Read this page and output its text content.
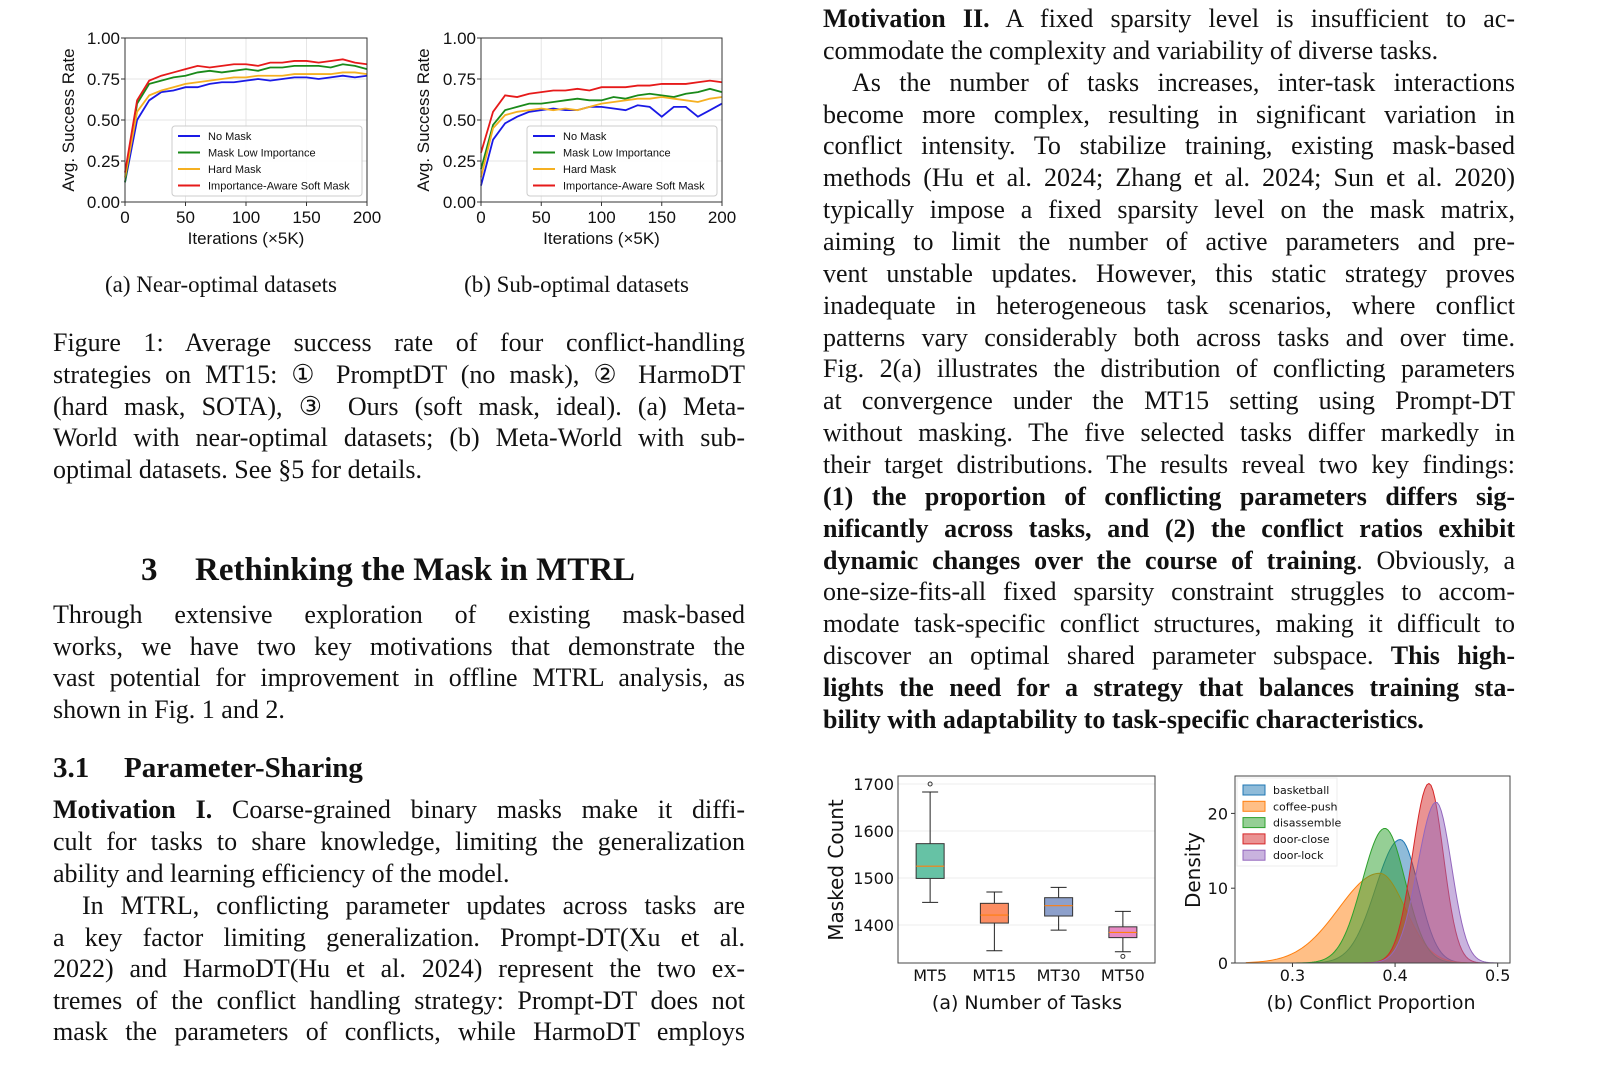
3 Rethinking the Mask in MTRL
3.1 Parameter-Sharing
0	50 100 150 200
0.00
0.25
0.50
0.75
1.00
No Mask
Mask Low Importance
Hard Mask
Importance-Aware Soft Mask
Iterations (×5K)
Avg. Success Rate
(a) Near-optimal datasets
0	50 100 150 200
0.00
0.25
0.50
0.75
1.00
No Mask
Mask Low Importance
Hard Mask
Importance-Aware Soft Mask
Iterations (×5K)
Avg. Success Rate
(b) Sub-optimal datasets
1400
1500
1600
1700
MT5 MT15 MT30 MT50
Masked Count
(a) Number of Tasks
0
10
20
0.3	0.4	0.5
basketball
coffee-push
disassemble
door-close
door-lock
Density
(b) Conflict Proportion
Figure 1: Average success rate of four conflict-handling
strategies on MT15: ① PromptDT (no mask), ② HarmoDT
(hard mask, SOTA), ③ Ours (soft mask, ideal). (a) Meta-
World with near-optimal datasets; (b) Meta-World with sub-
optimal datasets. See §5 for details.
Through extensive exploration of existing mask-based
works, we have two key motivations that demonstrate the
vast potential for improvement in offline MTRL analysis, as
shown in Fig. 1 and 2.
Motivation I. Coarse-grained binary masks make it diffi-
cult for tasks to share knowledge, limiting the generalization
ability and learning efficiency of the model.
In MTRL, conflicting parameter updates across tasks are
a key factor limiting generalization. Prompt-DT(Xu et al.
2022) and HarmoDT(Hu et al. 2024) represent the two ex-
tremes of the conflict handling strategy: Prompt-DT does not
mask the parameters of conflicts, while HarmoDT employs
Motivation II. A fixed sparsity level is insufficient to ac-
commodate the complexity and variability of diverse tasks.
As the number of tasks increases, inter-task interactions
become more complex, resulting in significant variation in
conflict intensity. To stabilize training, existing mask-based
methods (Hu et al. 2024; Zhang et al. 2024; Sun et al. 2020)
typically impose a fixed sparsity level on the mask matrix,
aiming to limit the number of active parameters and pre-
vent unstable updates. However, this static strategy proves
inadequate in heterogeneous task scenarios, where conflict
patterns vary considerably both across tasks and over time.
Fig. 2(a) illustrates the distribution of conflicting parameters
at convergence under the MT15 setting using Prompt-DT
without masking. The five selected tasks differ markedly in
their target distributions. The results reveal two key findings:
(1) the proportion of conflicting parameters differs sig-
nificantly across tasks, and (2) the conflict ratios exhibit
dynamic changes over the course of training. Obviously, a
one-size-fits-all fixed sparsity constraint struggles to accom-
modate task-specific conflict structures, making it difficult to
discover an optimal shared parameter subspace. This high-
lights the need for a strategy that balances training sta-
bility with adaptability to task-specific characteristics.
